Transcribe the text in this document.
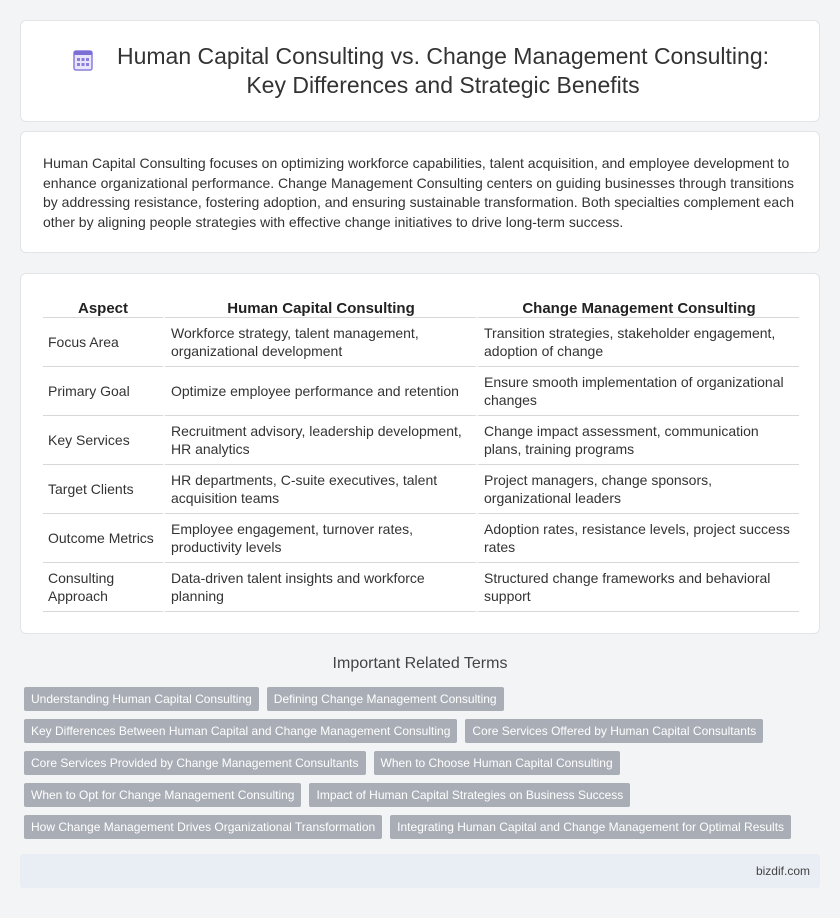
Human Capital Consulting vs. Change Management Consulting:
Key Differences and Strategic Benefits

Human Capital Consulting focuses on optimizing workforce capabilities, talent acquisition, and employee development to enhance organizational performance. Change Management Consulting centers on guiding businesses through transitions by addressing resistance, fostering adoption, and ensuring sustainable transformation. Both specialties complement each other by aligning people strategies with effective change initiatives to drive long-term success.

Aspect	Human Capital Consulting	Change Management Consulting
Focus Area	Workforce strategy, talent management, organizational development	Transition strategies, stakeholder engagement, adoption of change
Primary Goal	Optimize employee performance and retention	Ensure smooth implementation of organizational changes
Key Services	Recruitment advisory, leadership development, HR analytics	Change impact assessment, communication plans, training programs
Target Clients	HR departments, C-suite executives, talent acquisition teams	Project managers, change sponsors, organizational leaders
Outcome Metrics	Employee engagement, turnover rates, productivity levels	Adoption rates, resistance levels, project success rates
Consulting Approach	Data-driven talent insights and workforce planning	Structured change frameworks and behavioral support
Important Related Terms
Understanding Human Capital Consulting	Defining Change Management Consulting
Key Differences Between Human Capital and Change Management Consulting	Core Services Offered by Human Capital Consultants
Core Services Provided by Change Management Consultants	When to Choose Human Capital Consulting
When to Opt for Change Management Consulting	Impact of Human Capital Strategies on Business Success
How Change Management Drives Organizational Transformation	Integrating Human Capital and Change Management for Optimal Results
bizdif.com
